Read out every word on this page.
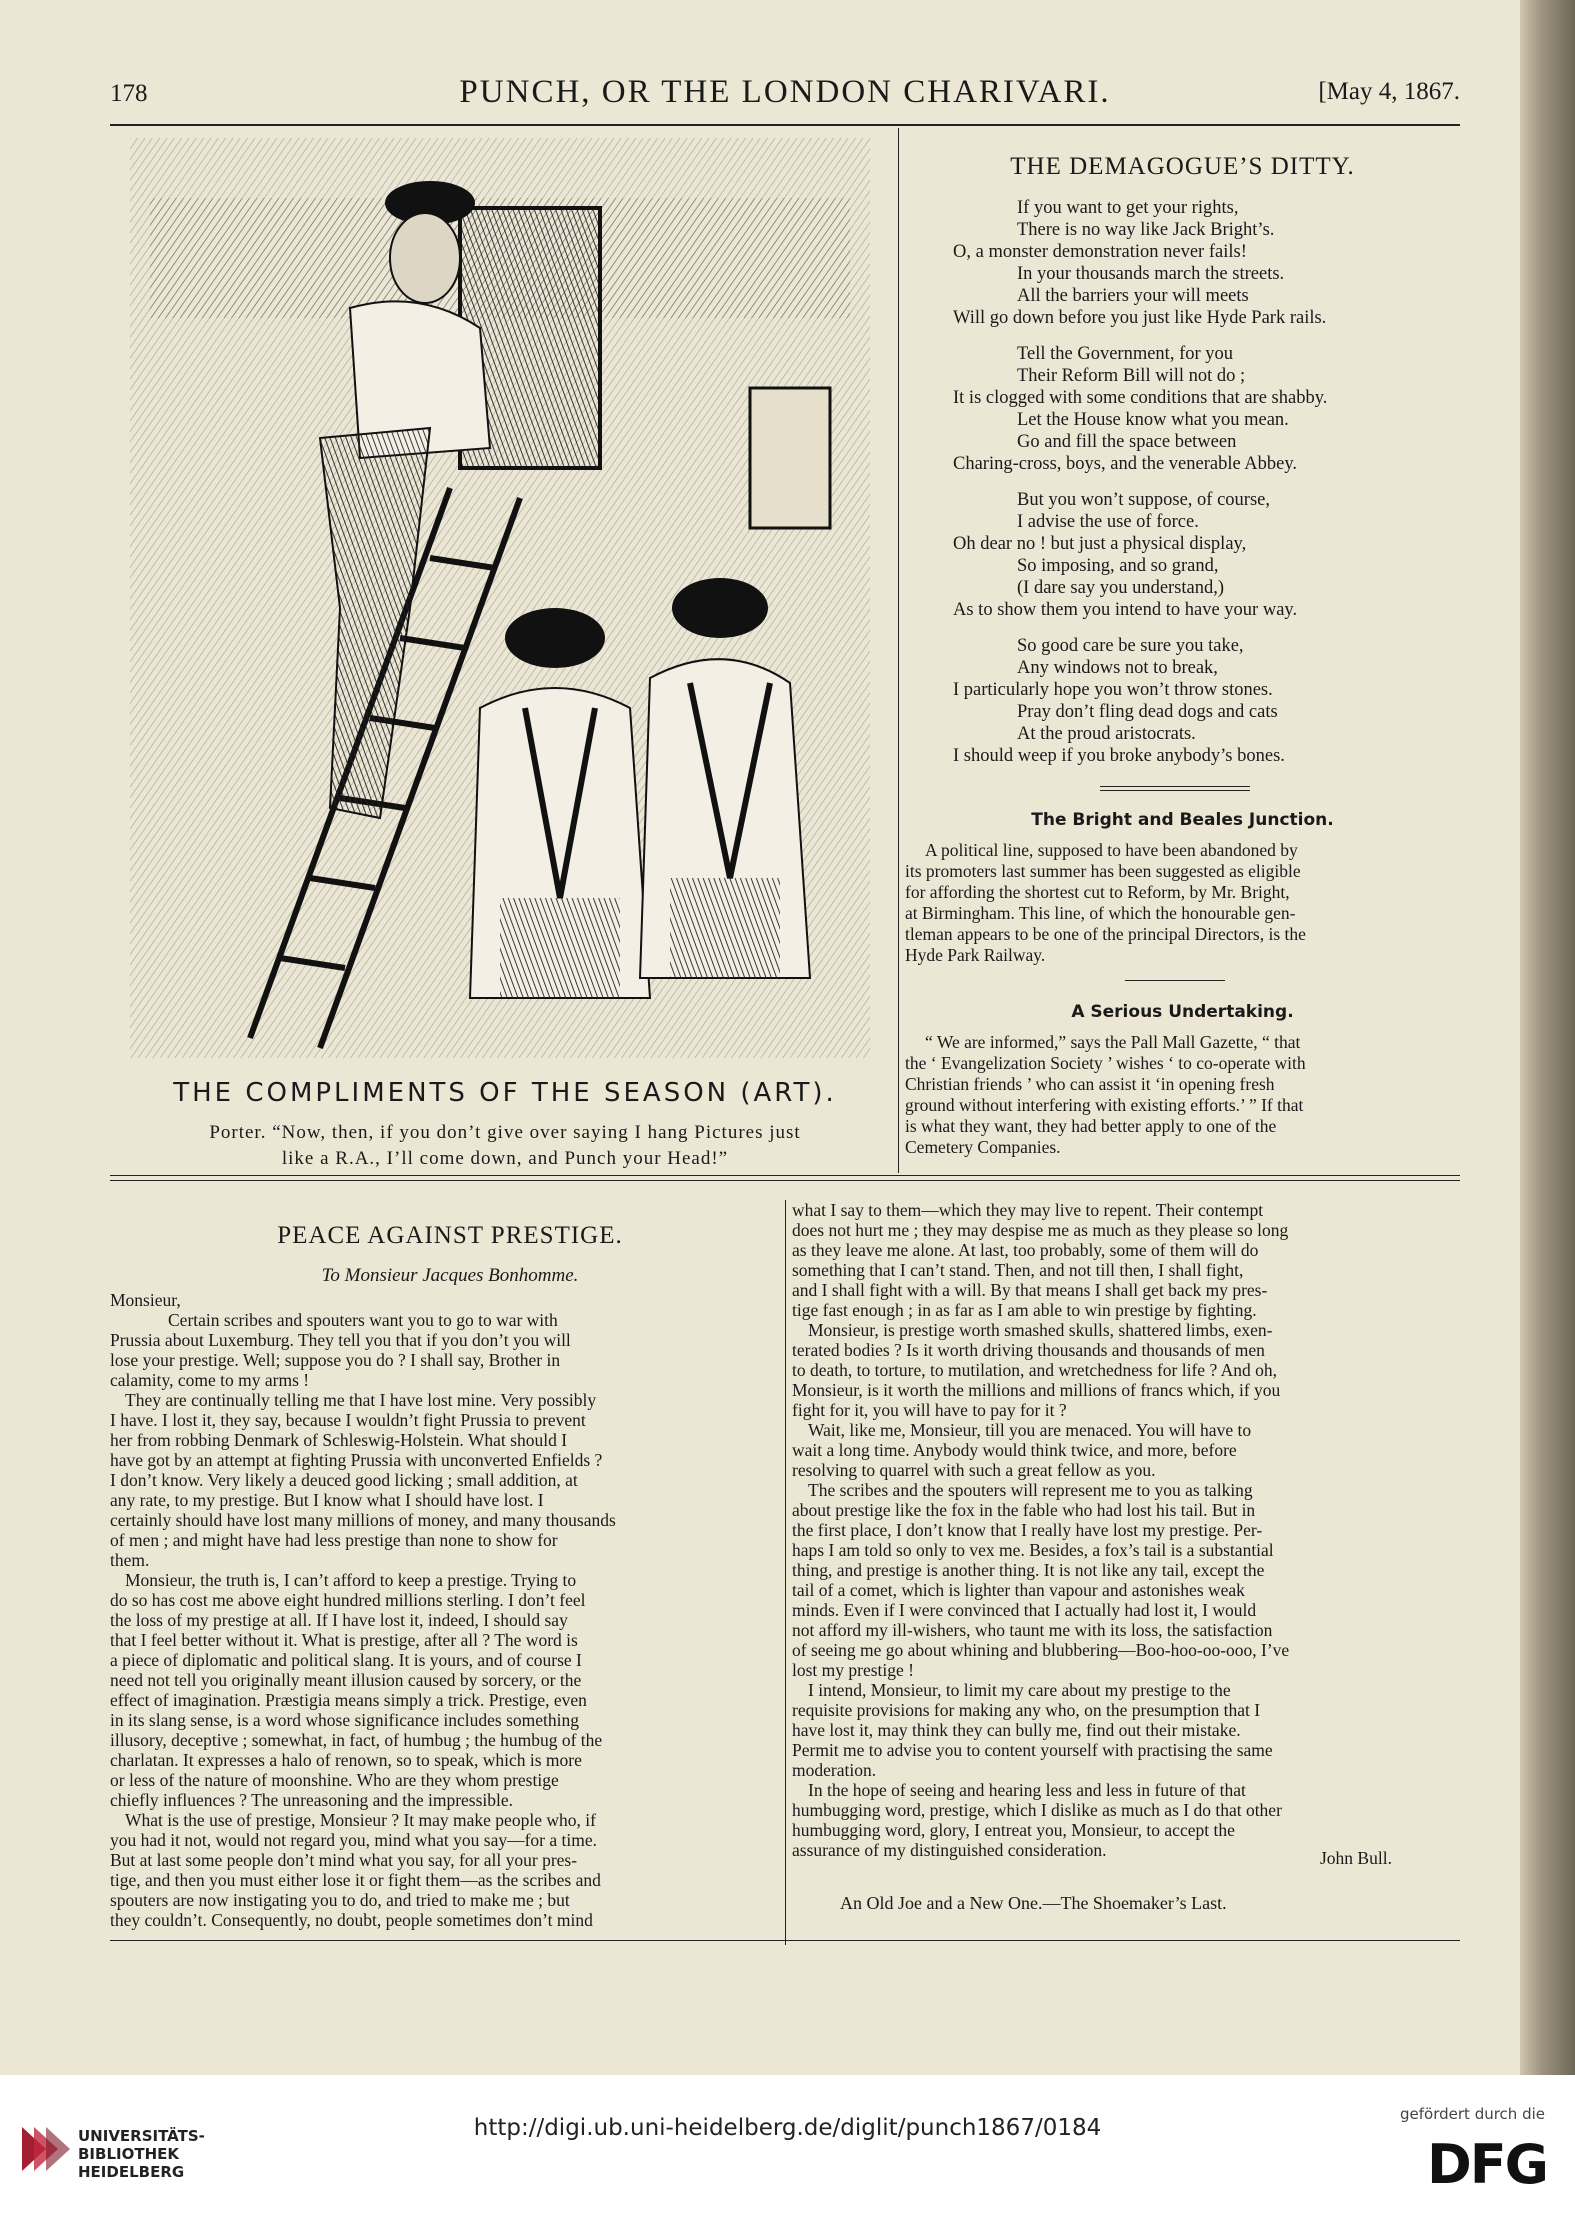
178	PUNCH, OR THE LONDON CHARIVARI.	[May 4, 1867.
THE COMPLIMENTS OF THE SEASON (ART).
Porter. “Now, then, if you don’t give over saying I hang Pictures just
like a R.A., I’ll come down, and Punch your Head!”
THE DEMAGOGUE’S DITTY.
If you want to get your rights,
There is no way like Jack Bright’s.
O, a monster demonstration never fails!
In your thousands march the streets.
All the barriers your will meets
Will go down before you just like Hyde Park rails.
Tell the Government, for you
Their Reform Bill will not do ;
It is clogged with some conditions that are shabby.
Let the House know what you mean.
Go and fill the space between
Charing-cross, boys, and the venerable Abbey.
But you won’t suppose, of course,
I advise the use of force.
Oh dear no ! but just a physical display,
So imposing, and so grand,
(I dare say you understand,)
As to show them you intend to have your way.
So good care be sure you take,
Any windows not to break,
I particularly hope you won’t throw stones.
Pray don’t fling dead dogs and cats
At the proud aristocrats.
I should weep if you broke anybody’s bones.
The Bright and Beales Junction.
A political line, supposed to have been abandoned by
its promoters last summer has been suggested as eligible
for affording the shortest cut to Reform, by Mr. Bright,
at Birmingham. This line, of which the honourable gen-
tleman appears to be one of the principal Directors, is the
Hyde Park Railway.
A Serious Undertaking.
“ We are informed,” says the Pall Mall Gazette, “ that
the ‘ Evangelization Society ’ wishes ‘ to co-operate with
Christian friends ’ who can assist it ‘in opening fresh
ground without interfering with existing efforts.’ ” If that
is what they want, they had better apply to one of the
Cemetery Companies.
PEACE AGAINST PRESTIGE.
To Monsieur Jacques Bonhomme.
Monsieur,
Certain scribes and spouters want you to go to war with
Prussia about Luxemburg. They tell you that if you don’t you will
lose your prestige. Well; suppose you do ? I shall say, Brother in
calamity, come to my arms !
They are continually telling me that I have lost mine. Very possibly
I have. I lost it, they say, because I wouldn’t fight Prussia to prevent
her from robbing Denmark of Schleswig-Holstein. What should I
have got by an attempt at fighting Prussia with unconverted Enfields ?
I don’t know. Very likely a deuced good licking ; small addition, at
any rate, to my prestige. But I know what I should have lost. I
certainly should have lost many millions of money, and many thousands
of men ; and might have had less prestige than none to show for
them.
Monsieur, the truth is, I can’t afford to keep a prestige. Trying to
do so has cost me above eight hundred millions sterling. I don’t feel
the loss of my prestige at all. If I have lost it, indeed, I should say
that I feel better without it. What is prestige, after all ? The word is
a piece of diplomatic and political slang. It is yours, and of course I
need not tell you originally meant illusion caused by sorcery, or the
effect of imagination. Præstigia means simply a trick. Prestige, even
in its slang sense, is a word whose significance includes something
illusory, deceptive ; somewhat, in fact, of humbug ; the humbug of the
charlatan. It expresses a halo of renown, so to speak, which is more
or less of the nature of moonshine. Who are they whom prestige
chiefly influences ? The unreasoning and the impressible.
What is the use of prestige, Monsieur ? It may make people who, if
you had it not, would not regard you, mind what you say—for a time.
But at last some people don’t mind what you say, for all your pres-
tige, and then you must either lose it or fight them—as the scribes and
spouters are now instigating you to do, and tried to make me ; but
they couldn’t. Consequently, no doubt, people sometimes don’t mind
what I say to them—which they may live to repent. Their contempt
does not hurt me ; they may despise me as much as they please so long
as they leave me alone. At last, too probably, some of them will do
something that I can’t stand. Then, and not till then, I shall fight,
and I shall fight with a will. By that means I shall get back my pres-
tige fast enough ; in as far as I am able to win prestige by fighting.
Monsieur, is prestige worth smashed skulls, shattered limbs, exen-
terated bodies ? Is it worth driving thousands and thousands of men
to death, to torture, to mutilation, and wretchedness for life ? And oh,
Monsieur, is it worth the millions and millions of francs which, if you
fight for it, you will have to pay for it ?
Wait, like me, Monsieur, till you are menaced. You will have to
wait a long time. Anybody would think twice, and more, before
resolving to quarrel with such a great fellow as you.
The scribes and the spouters will represent me to you as talking
about prestige like the fox in the fable who had lost his tail. But in
the first place, I don’t know that I really have lost my prestige. Per-
haps I am told so only to vex me. Besides, a fox’s tail is a substantial
thing, and prestige is another thing. It is not like any tail, except the
tail of a comet, which is lighter than vapour and astonishes weak
minds. Even if I were convinced that I actually had lost it, I would
not afford my ill-wishers, who taunt me with its loss, the satisfaction
of seeing me go about whining and blubbering—Boo-hoo-oo-ooo, I’ve
lost my prestige !
I intend, Monsieur, to limit my care about my prestige to the
requisite provisions for making any who, on the presumption that I
have lost it, may think they can bully me, find out their mistake.
Permit me to advise you to content yourself with practising the same
moderation.
In the hope of seeing and hearing less and less in future of that
humbugging word, prestige, which I dislike as much as I do that other
humbugging word, glory, I entreat you, Monsieur, to accept the
assurance of my distinguished consideration.	John Bull.
An Old Joe and a New One.—The Shoemaker’s Last.
UNIVERSITÄTS-
BIBLIOTHEK
HEIDELBERG
http://digi.ub.uni-heidelberg.de/diglit/punch1867/0184
gefördert durch die
DFG
